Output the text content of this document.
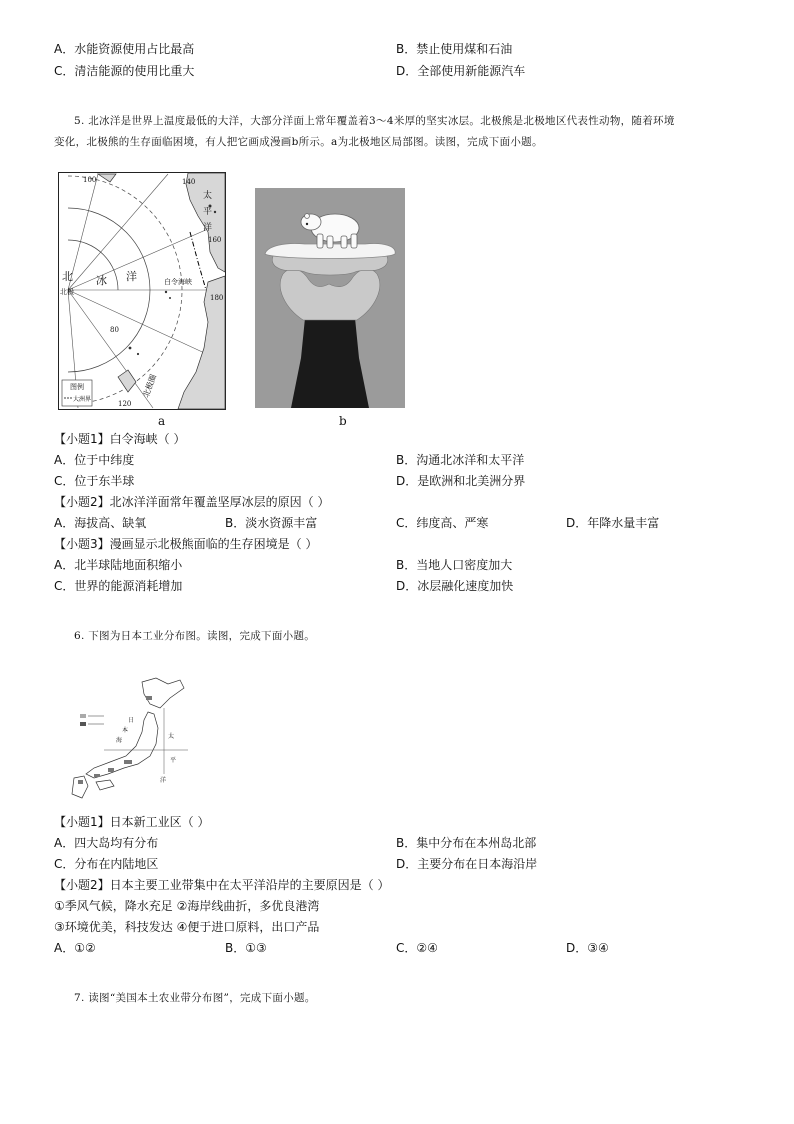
A．水能资源使用占比最高	B．禁止使用煤和石油
C．清洁能源的使用比重大	D．全部使用新能源汽车
5. 北冰洋是世界上温度最低的大洋，大部分洋面上常年覆盖着3～4米厚的坚实冰层。北极熊是北极地区代表性动物，随着环境
变化，北极熊的生存面临困境，有人把它画成漫画b所示。a为北极地区局部图。读图，完成下面小题。
100	140
160
180
120
80
北极
白令海峡
北 冰 洋
太
平
洋
北极圈
图例
大洲界
a	b
【小题1】白令海峡（ ）
A．位于中纬度	B．沟通北冰洋和太平洋
C．位于东半球	D．是欧洲和北美洲分界
【小题2】北冰洋洋面常年覆盖坚厚冰层的原因（ ）
A．海拔高、缺氧	B．淡水资源丰富	C．纬度高、严寒	D．年降水量丰富
【小题3】漫画显示北极熊面临的生存困境是（ ）
A．北半球陆地面积缩小	B．当地人口密度加大
C．世界的能源消耗增加	D．冰层融化速度加快
6. 下图为日本工业分布图。读图，完成下面小题。
日
本
海
太
平
洋
【小题1】日本新工业区（ ）
A．四大岛均有分布	B．集中分布在本州岛北部
C．分布在内陆地区	D．主要分布在日本海沿岸
【小题2】日本主要工业带集中在太平洋沿岸的主要原因是（ ）
①季风气候，降水充足 ②海岸线曲折，多优良港湾
③环境优美，科技发达 ④便于进口原料，出口产品
A．①②	B．①③	C．②④	D．③④
7. 读图“美国本土农业带分布图”，完成下面小题。
